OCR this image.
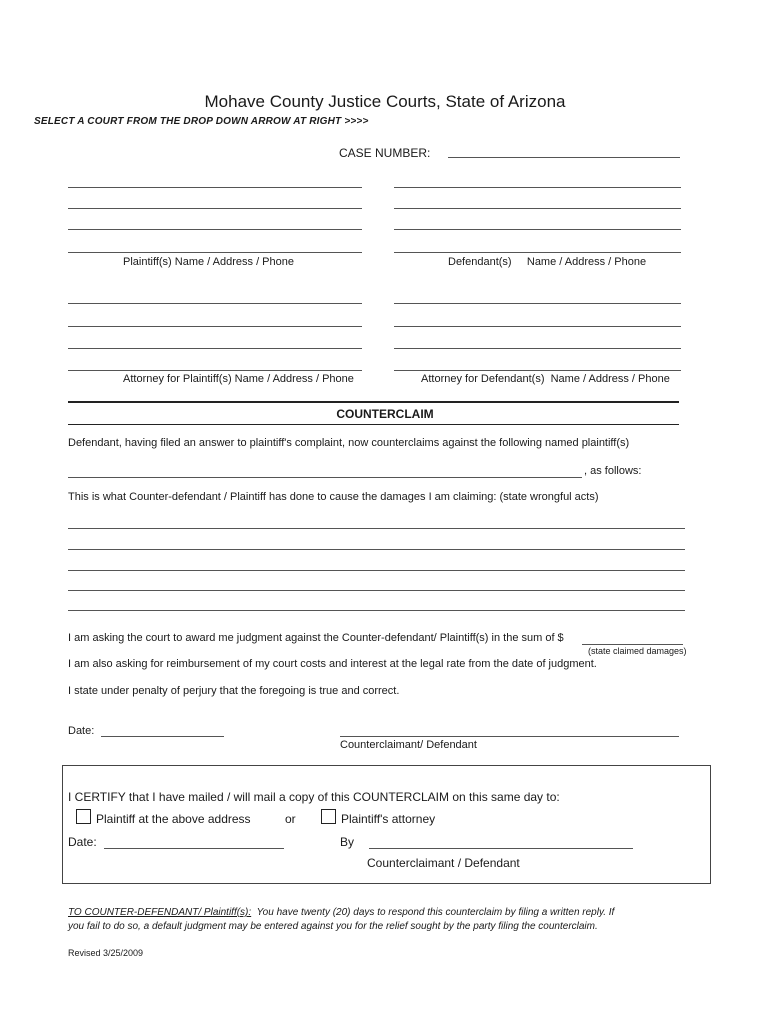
Mohave County Justice Courts, State of Arizona
SELECT A COURT FROM THE DROP DOWN ARROW AT RIGHT >>>>
CASE NUMBER:
Plaintiff(s) Name / Address / Phone	Defendant(s)     Name / Address / Phone
Attorney for Plaintiff(s) Name / Address / Phone	Attorney for Defendant(s)  Name / Address / Phone
COUNTERCLAIM
Defendant, having filed an answer to plaintiff's complaint, now counterclaims against the following named plaintiff(s)
, as follows:
This is what Counter-defendant / Plaintiff has done to cause the damages I am claiming: (state wrongful acts)
I am asking the court to award me judgment against the Counter-defendant/ Plaintiff(s) in the sum of $
(state claimed damages)
I am also asking for reimbursement of my court costs and interest at the legal rate from the date of judgment.
I state under penalty of perjury that the foregoing is true and correct.
Date:
Counterclaimant/ Defendant
I CERTIFY that I have mailed / will mail a copy of this COUNTERCLAIM on this same day to:
Plaintiff at the above address	or	Plaintiff's attorney
Date:	By
Counterclaimant / Defendant
TO COUNTER-DEFENDANT/ Plaintiff(s): You have twenty (20) days to respond this counterclaim by filing a written reply. If
you fail to do so, a default judgment may be entered against you for the relief sought by the party filing the counterclaim.
Revised 3/25/2009
